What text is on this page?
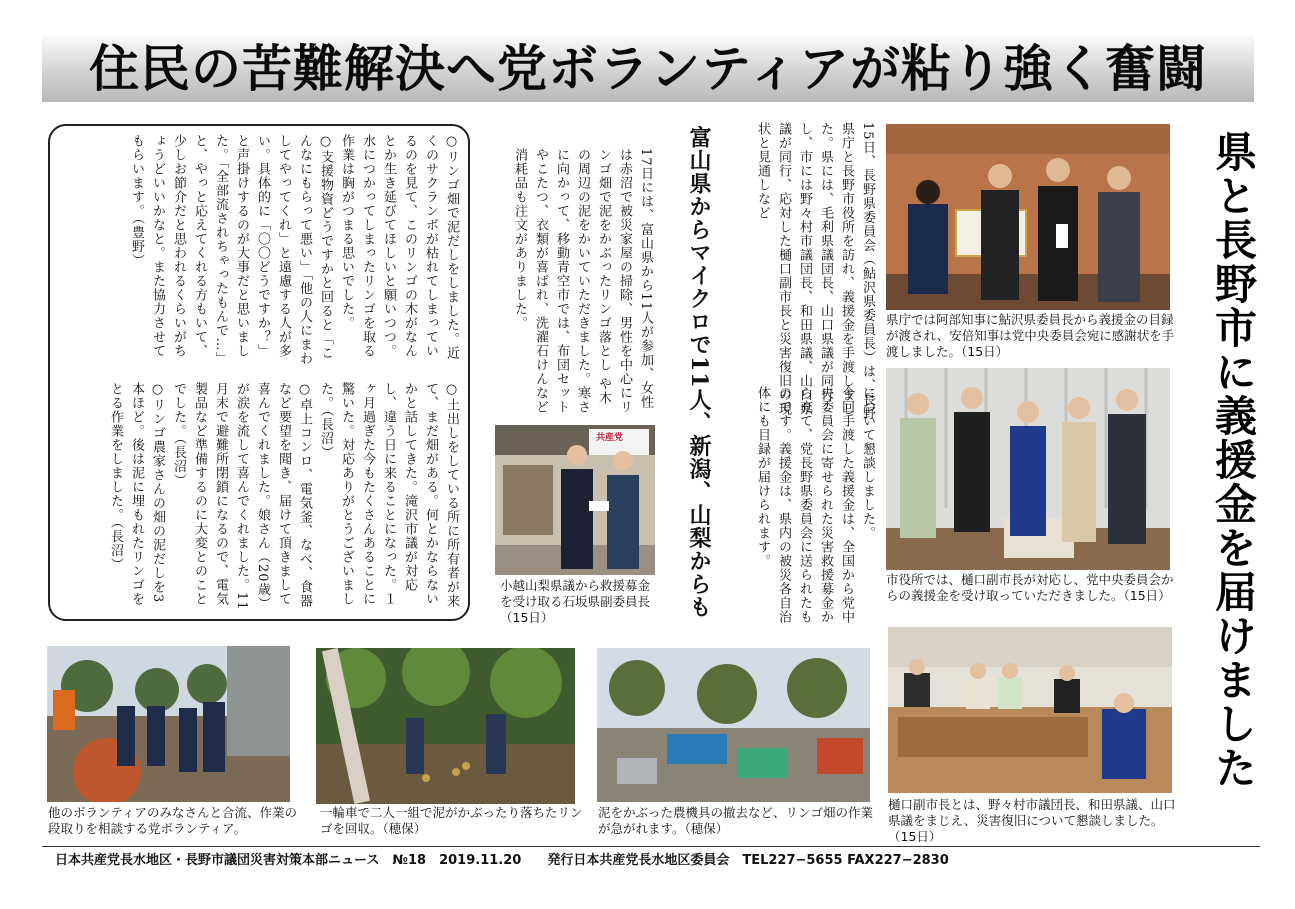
住民の苦難解決へ党ボランティアが粘り強く奮闘
県と長野市に義援金を届けました

15日、長野県委員会（鮎沢県委員長）は、長野県庁と長野市役所を訪れ、義援金を手渡しました。県には、毛利県議団長、山口県議が同行し、市には野々村市議団長、和田県議、山口県議が同行、応対した樋口副市長と災害復旧の現状と見通しなど

について懇談しました。

今回手渡した義援金は、全国から党中央委員会に寄せられた災害救援募金から充て、党長野県委員会に送られたものです。義援金は、県内の被災各自治体にも目録が届けられます。

富山県からマイクロで11人、新潟、山梨からも
17日には、富山県から11人が参加、女性は赤沼で被災家屋の掃除、男性を中心にリンゴ畑で泥をかぶったリンゴ落とし や木の周辺の泥をかいていただきました。寒さに向かって、移動青空市では、布団セットやこたつ、衣類が喜ばれ、洗濯石けんなど消耗品も注文がありました。

○リンゴ畑で泥だしをしました。近くのサクランボが枯れてしまっているのを見て、このリンゴの木がなんとか生き延びてほしいと願いつつ。水につかってしまったリンゴを取る作業は胸がつまる思いでした。

○支援物資どうですかと回ると「こんなにもらって悪い」「他の人にまわしてやってくれ」と遠慮する人が多い。具体的に「〇〇どうですか？」と声掛けするのが大事だと思いました。「全部流されちゃったもんで…」と、やっと応えてくれる方もいて、少しお節介だと思われるくらいがちょうどいいかなと。また協力させてもらいます。（豊野）

○土出しをしている所に所有者が来て、まだ畑がある。何とかならないかと話してきた。滝沢市議が対応し、違う日に来ることになった。１ヶ月過ぎた今もたくさんあることに驚いた。対応ありがとうございました。（長沼）

○卓上コンロ、電気釜、なべ、食器など要望を聞き、届けて頂きまして喜んでくれました。娘さん（20歳）が涙を流して喜んでくれました。11月末で避難所閉鎖になるので、電気製品など準備するのに大変とのことでした。（長沼）

○リンゴ農家さんの畑の泥だしを3本ほど。後は泥に埋もれたリンゴをとる作業をしました。（長沼）

県庁では阿部知事に鮎沢県委員長から義援金の目録が渡され、安倍知事は党中央委員会宛に感謝状を手渡しました。（15日）
市役所では、樋口副市長が対応し、党中央委員会からの義援金を受け取っていただきました。（15日）
樋口副市長とは、野々村市議団長、和田県議、山口県議をまじえ、災害復旧について懇談しました。（15日）
共産党
小越山梨県議から救援募金を受け取る石坂県副委員長（15日）
他のボランティアのみなさんと合流、作業の段取りを相談する党ボランティア。
一輪車で二人一組で泥がかぶったり落ちたリンゴを回収。（穂保）
泥をかぶった農機具の撤去など、リンゴ畑の作業が急がれます。（穂保）
日本共産党長水地区・長野市議団災害対策本部ニュース　№18　2019.11.20　　発行日本共産党長水地区委員会　TEL227−5655 FAX227−2830
